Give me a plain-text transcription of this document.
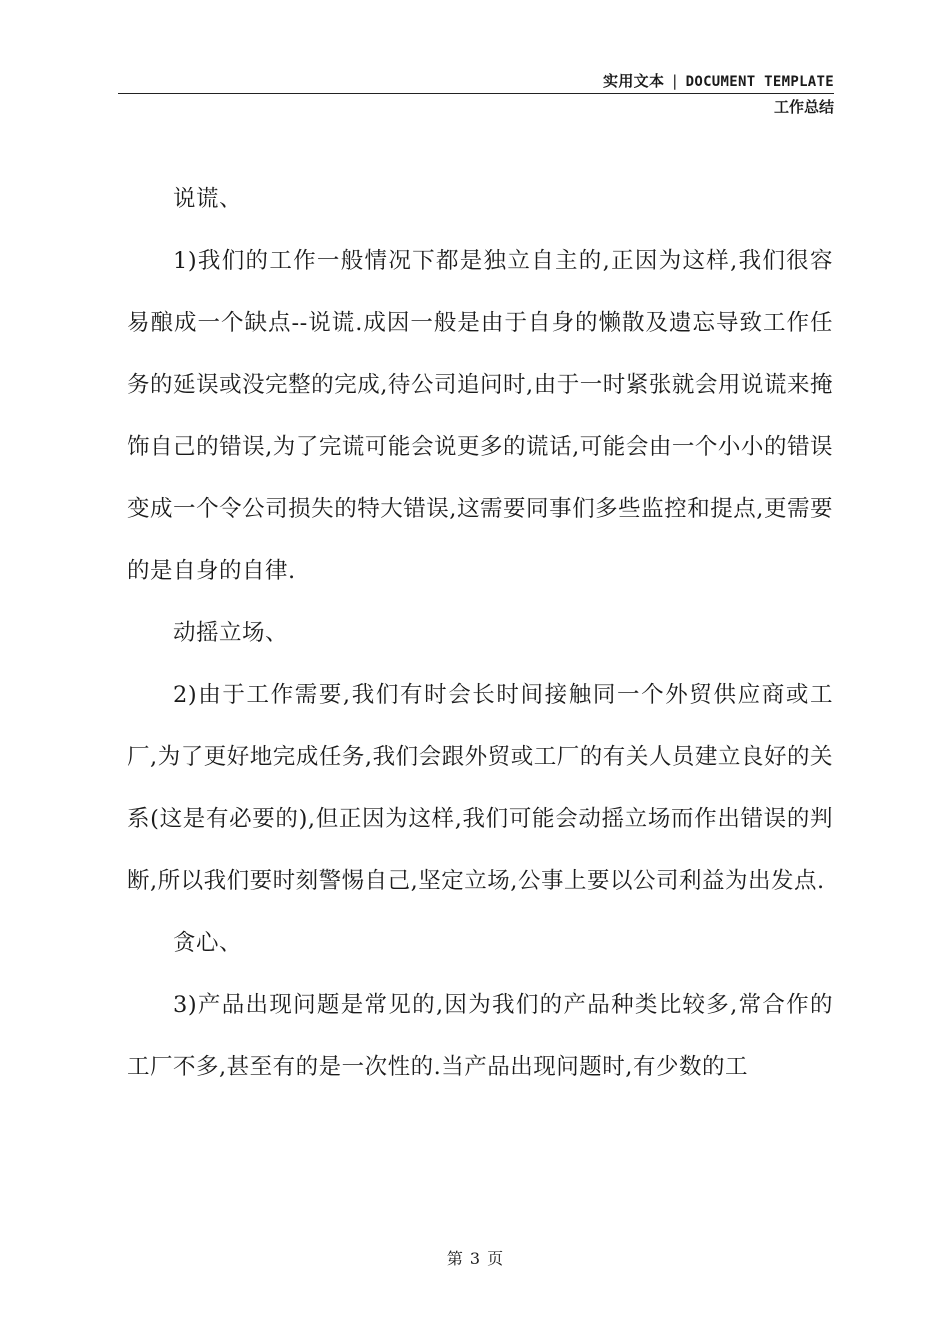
实用文本 | DOCUMENT TEMPLATE
工作总结

说谎、

1)我们的工作一般情况下都是独立自主的,正因为这样,我们很容易酿成一个缺点--说谎.成因一般是由于自身的懒散及遗忘导致工作任务的延误或没完整的完成,待公司追问时,由于一时紧张就会用说谎来掩饰自己的错误,为了完谎可能会说更多的谎话,可能会由一个小小的错误变成一个令公司损失的特大错误,这需要同事们多些监控和提点,更需要的是自身的自律.

动摇立场、

2)由于工作需要,我们有时会长时间接触同一个外贸供应商或工厂,为了更好地完成任务,我们会跟外贸或工厂的有关人员建立良好的关系(这是有必要的),但正因为这样,我们可能会动摇立场而作出错误的判断,所以我们要时刻警惕自己,坚定立场,公事上要以公司利益为出发点.

贪心、

3)产品出现问题是常见的,因为我们的产品种类比较多,常合作的工厂不多,甚至有的是一次性的.当产品出现问题时,有少数的工

第 3 页
